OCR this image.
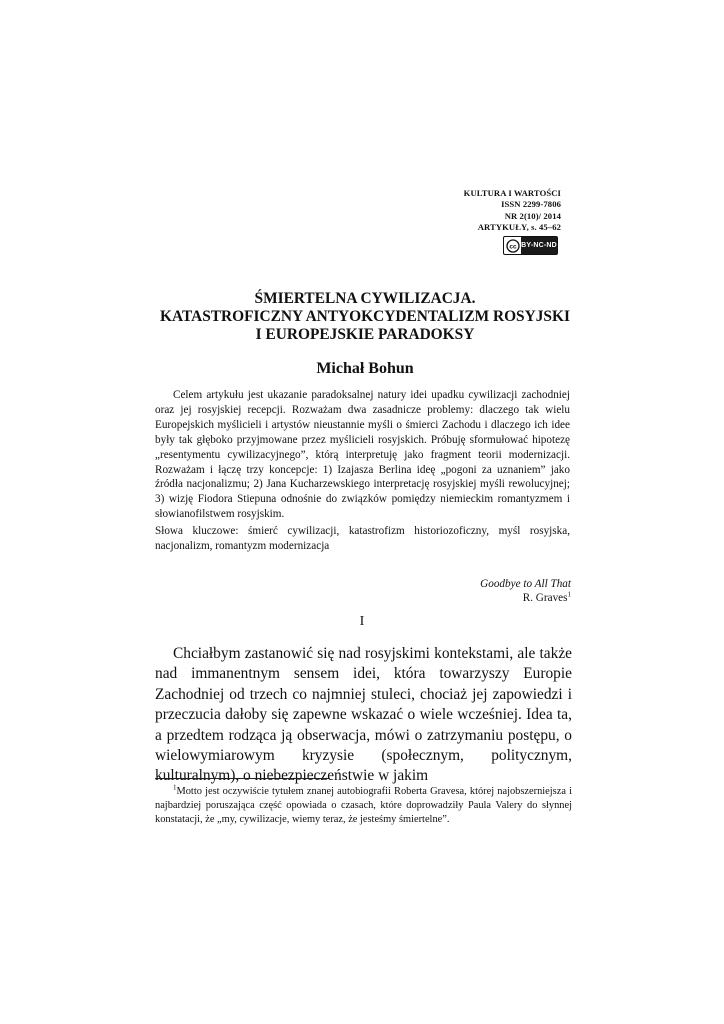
KULTURA I WARTOŚCI
ISSN 2299-7806
NR 2(10)/ 2014
ARTYKUŁY, s. 45–62
cc BY-NC-ND
ŚMIERTELNA CYWILIZACJA.
KATASTROFICZNY ANTYOKCYDENTALIZM ROSYJSKI
I EUROPEJSKIE PARADOKSY
Michał Bohun

Celem artykułu jest ukazanie paradoksalnej natury idei upadku cywilizacji zachodniej oraz jej rosyjskiej recepcji. Rozważam dwa zasadnicze problemy: dlaczego tak wielu Europejskich myślicieli i artystów nieustannie myśli o śmierci Zachodu i dlaczego ich idee były tak głęboko przyjmowane przez myślicieli rosyjskich. Próbuję sformułować hipotezę „resentymentu cywilizacyjnego”, którą interpretuję jako fragment teorii modernizacji. Rozważam i łączę trzy koncepcje: 1) Izajasza Berlina ideę „pogoni za uznaniem” jako źródła nacjonalizmu; 2) Jana Kucharzewskiego interpretację rosyjskiej myśli rewolucyjnej; 3) wizję Fiodora Stiepuna odnośnie do związków pomiędzy niemieckim romantyzmem i słowianofilstwem rosyjskim.

Słowa kluczowe: śmierć cywilizacji, katastrofizm historiozoficzny, myśl rosyjska, nacjonalizm, romantyzm modernizacja
Goodbye to All That
R. Graves$^1$
I

Chciałbym zastanowić się nad rosyjskimi kontekstami, ale także nad immanentnym sensem idei, która towarzyszy Europie Zachodniej od trzech co najmniej stuleci, chociaż jej zapowiedzi i przeczucia dałoby się zapewne wskazać o wiele wcześniej. Idea ta, a przedtem rodząca ją obserwacja, mówi o zatrzymaniu postępu, o wielowymiarowym kryzysie (społecznym, politycznym, kulturalnym), o niebezpieczeństwie w jakim

$^1$Motto jest oczywiście tytułem znanej autobiografii Roberta Gravesa, której najobszerniejsza i najbardziej poruszająca część opowiada o czasach, które doprowadziły Paula Valery do słynnej konstatacji, że „my, cywilizacje, wiemy teraz, że jesteśmy śmiertelne”.
